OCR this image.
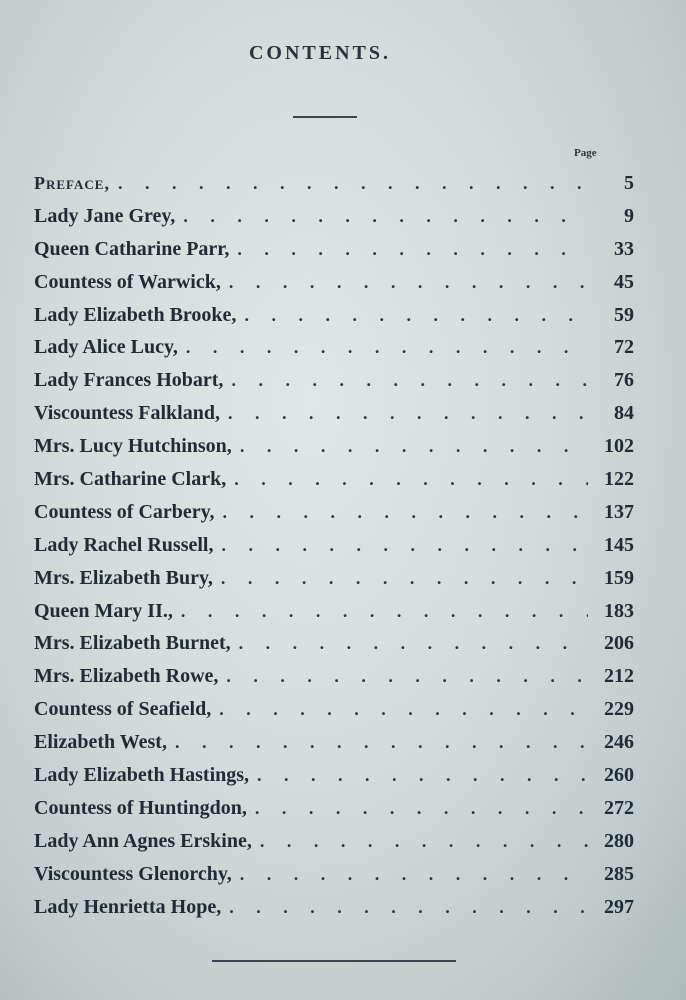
CONTENTS.
Page
Preface, . . .	5
Lady Jane Grey, . . .	9
Queen Catharine Parr, . . .	33
Countess of Warwick, . . .	45
Lady Elizabeth Brooke, . . .	59
Lady Alice Lucy, . . .	72
Lady Frances Hobart, . . .	76
Viscountess Falkland, . . .	84
Mrs. Lucy Hutchinson, . . .	102
Mrs. Catharine Clark, . . .	122
Countess of Carbery, . . .	137
Lady Rachel Russell, . . .	145
Mrs. Elizabeth Bury, . . .	159
Queen Mary II., . . .	183
Mrs. Elizabeth Burnet, . . .	206
Mrs. Elizabeth Rowe, . . .	212
Countess of Seafield, . . .	229
Elizabeth West, . . .	246
Lady Elizabeth Hastings, . . .	260
Countess of Huntingdon, . . .	272
Lady Ann Agnes Erskine, . . .	280
Viscountess Glenorchy, . . .	285
Lady Henrietta Hope, . . .	297
